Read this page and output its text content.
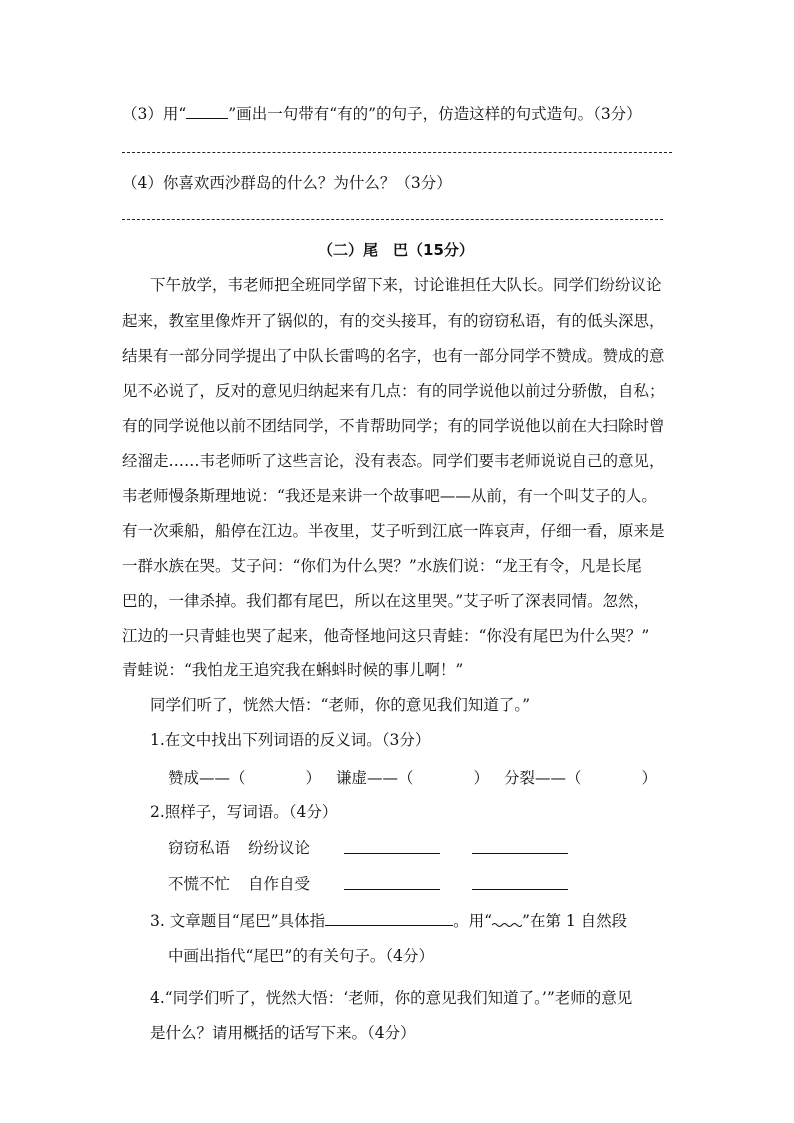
（3）用“	”画出一句带有“有的”的句子，仿造这样的句式造句。（3分）
（4）你喜欢西沙群岛的什么？为什么？（3分）
（二）尾　巴（15分）
下午放学，韦老师把全班同学留下来，讨论谁担任大队长。同学们纷纷议论
起来，教室里像炸开了锅似的，有的交头接耳，有的窃窃私语，有的低头深思，
结果有一部分同学提出了中队长雷鸣的名字，也有一部分同学不赞成。赞成的意
见不必说了，反对的意见归纳起来有几点：有的同学说他以前过分骄傲，自私；
有的同学说他以前不团结同学，不肯帮助同学；有的同学说他以前在大扫除时曾
经溜走……韦老师听了这些言论，没有表态。同学们要韦老师说说自己的意见，
韦老师慢条斯理地说：“我还是来讲一个故事吧——从前，有一个叫艾子的人。
有一次乘船，船停在江边。半夜里，艾子听到江底一阵哀声，仔细一看，原来是
一群水族在哭。艾子问：“你们为什么哭？”水族们说：“龙王有令，凡是长尾
巴的，一律杀掉。我们都有尾巴，所以在这里哭。”艾子听了深表同情。忽然，
江边的一只青蛙也哭了起来，他奇怪地问这只青蛙：“你没有尾巴为什么哭？”
青蛙说：“我怕龙王追究我在蝌蚪时候的事儿啊！”
同学们听了，恍然大悟：“老师，你的意见我们知道了。”
1.在文中找出下列词语的反义词。（3分）
赞成——（	） 谦虚——（	） 分裂——（	）
2.照样子，写词语。（4分）
窃窃私语 纷纷议论
不慌不忙 自作自受
3. 文章题目“尾巴”具体指	。用“ ”在第 1 自然段
中画出指代“尾巴”的有关句子。（4分）
4.“同学们听了，恍然大悟：‘老师，你的意见我们知道了。’”老师的意见
是什么？请用概括的话写下来。（4分）
